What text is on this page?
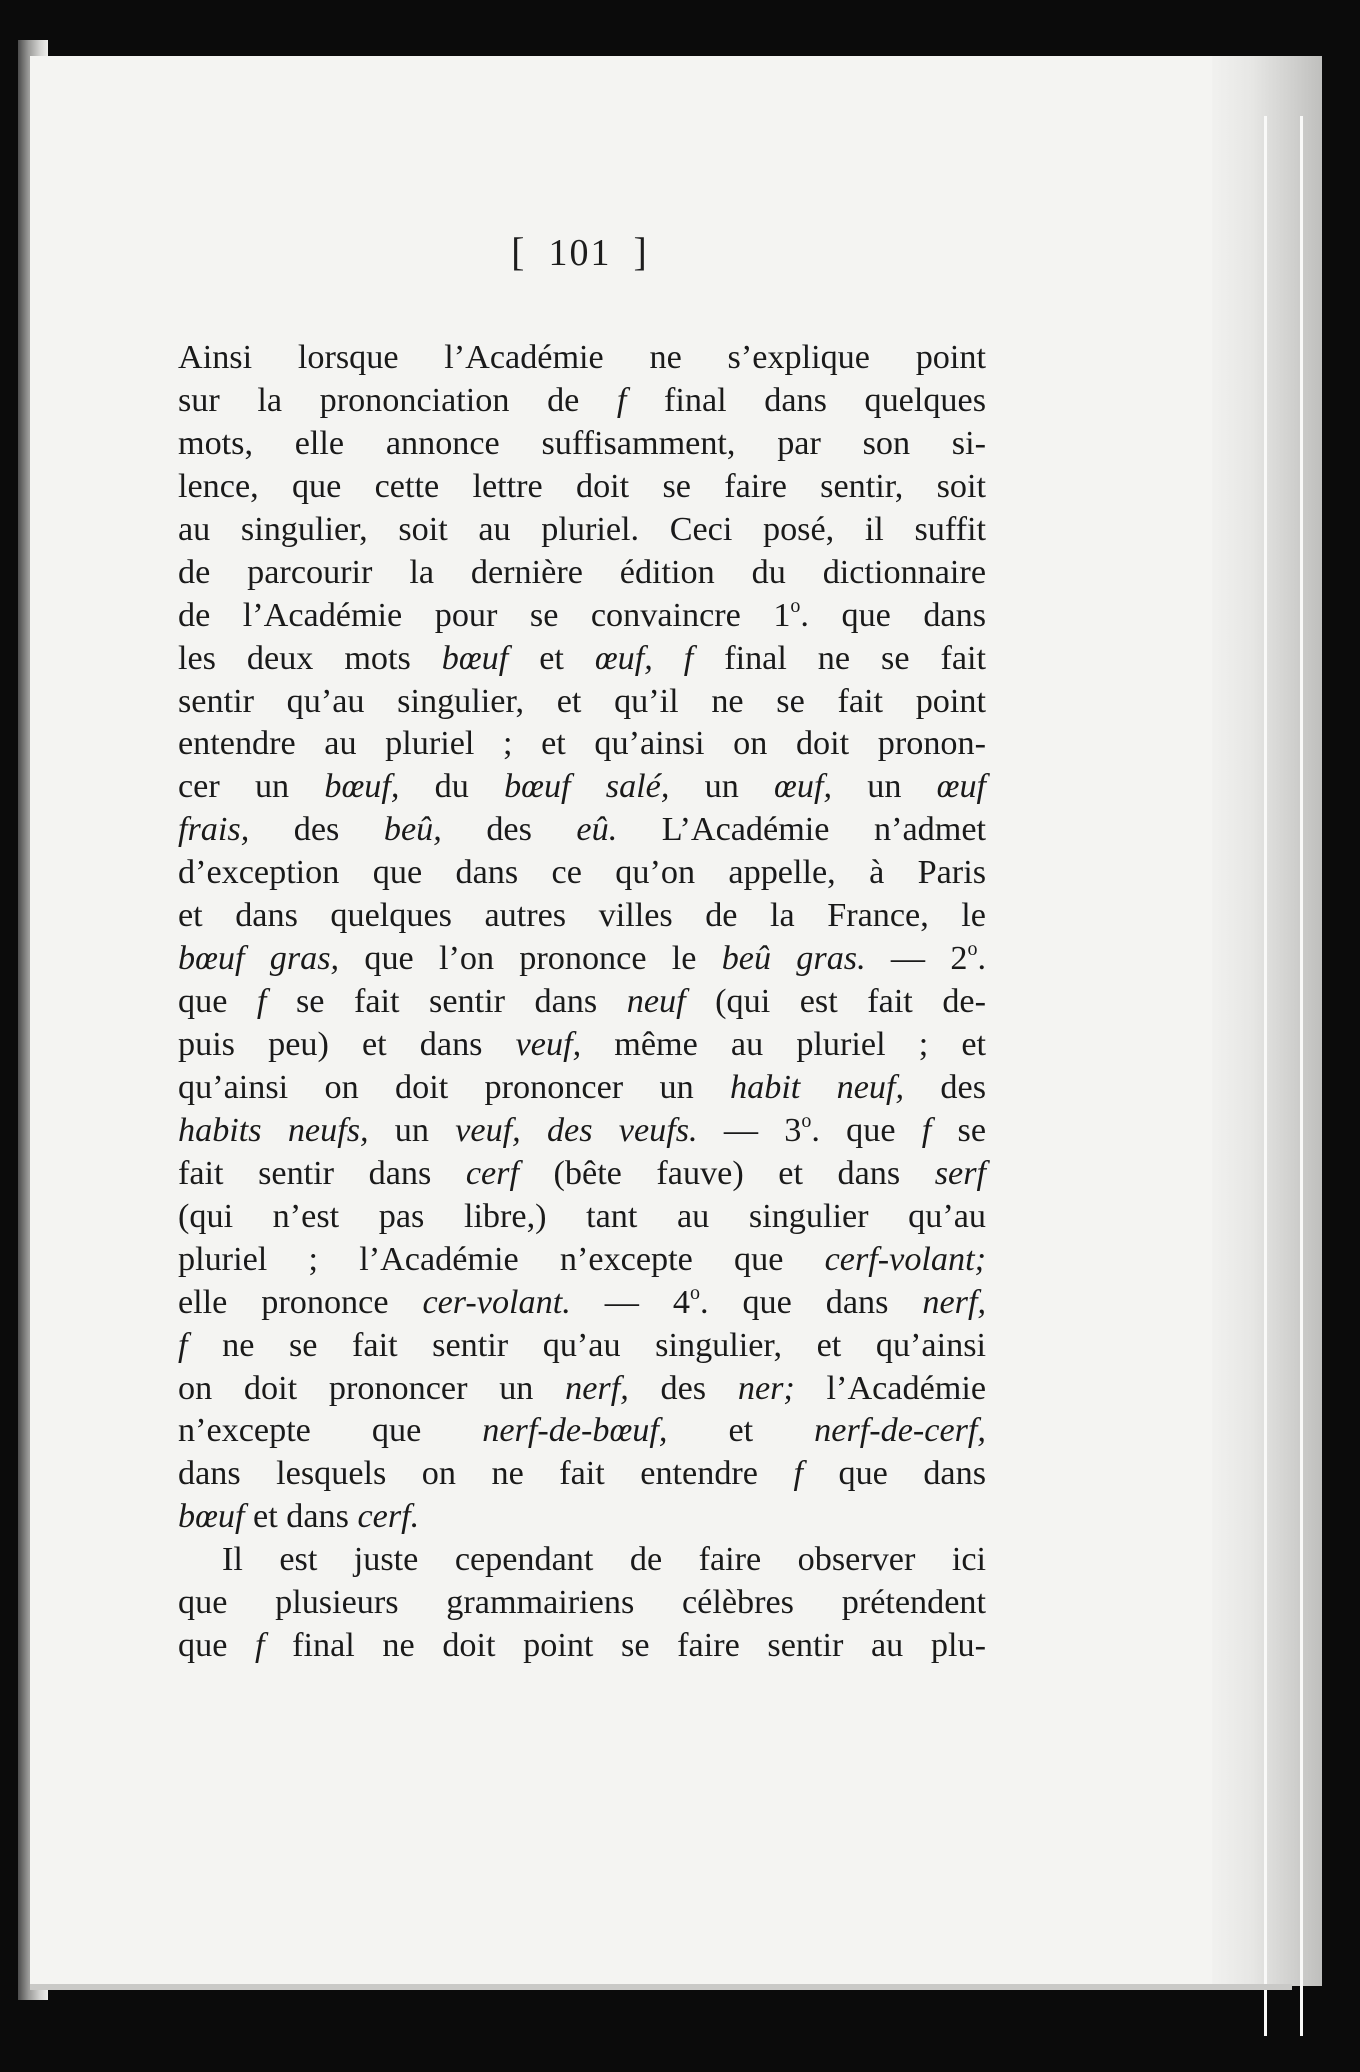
[ 101 ]
Ainsi lorsque l’Académie ne s’explique point
sur la prononciation de f final dans quelques
mots, elle annonce suffisamment, par son si-
lence, que cette lettre doit se faire sentir, soit
au singulier, soit au pluriel. Ceci posé, il suffit
de parcourir la dernière édition du dictionnaire
de l’Académie pour se convaincre 1$^o$. que dans
les deux mots bœuf et œuf, f final ne se fait
sentir qu’au singulier, et qu’il ne se fait point
entendre au pluriel ; et qu’ainsi on doit pronon-
cer un bœuf, du bœuf salé, un œuf, un œuf
frais, des beû, des eû. L’Académie n’admet
d’exception que dans ce qu’on appelle, à Paris
et dans quelques autres villes de la France, le
bœuf gras, que l’on prononce le beû gras. — 2$^o$.
que f se fait sentir dans neuf (qui est fait de-
puis peu) et dans veuf, même au pluriel ; et
qu’ainsi on doit prononcer un habit neuf, des
habits neufs, un veuf, des veufs. — 3$^o$. que f se
fait sentir dans cerf (bête fauve) et dans serf
(qui n’est pas libre,) tant au singulier qu’au
pluriel ; l’Académie n’excepte que cerf-volant;
elle prononce cer-volant. — 4$^o$. que dans nerf,
f ne se fait sentir qu’au singulier, et qu’ainsi
on doit prononcer un nerf, des ner; l’Académie
n’excepte que nerf-de-bœuf, et nerf-de-cerf,
dans lesquels on ne fait entendre f que dans
bœuf et dans cerf.
Il est juste cependant de faire observer ici
que plusieurs grammairiens célèbres prétendent
que f final ne doit point se faire sentir au plu-
